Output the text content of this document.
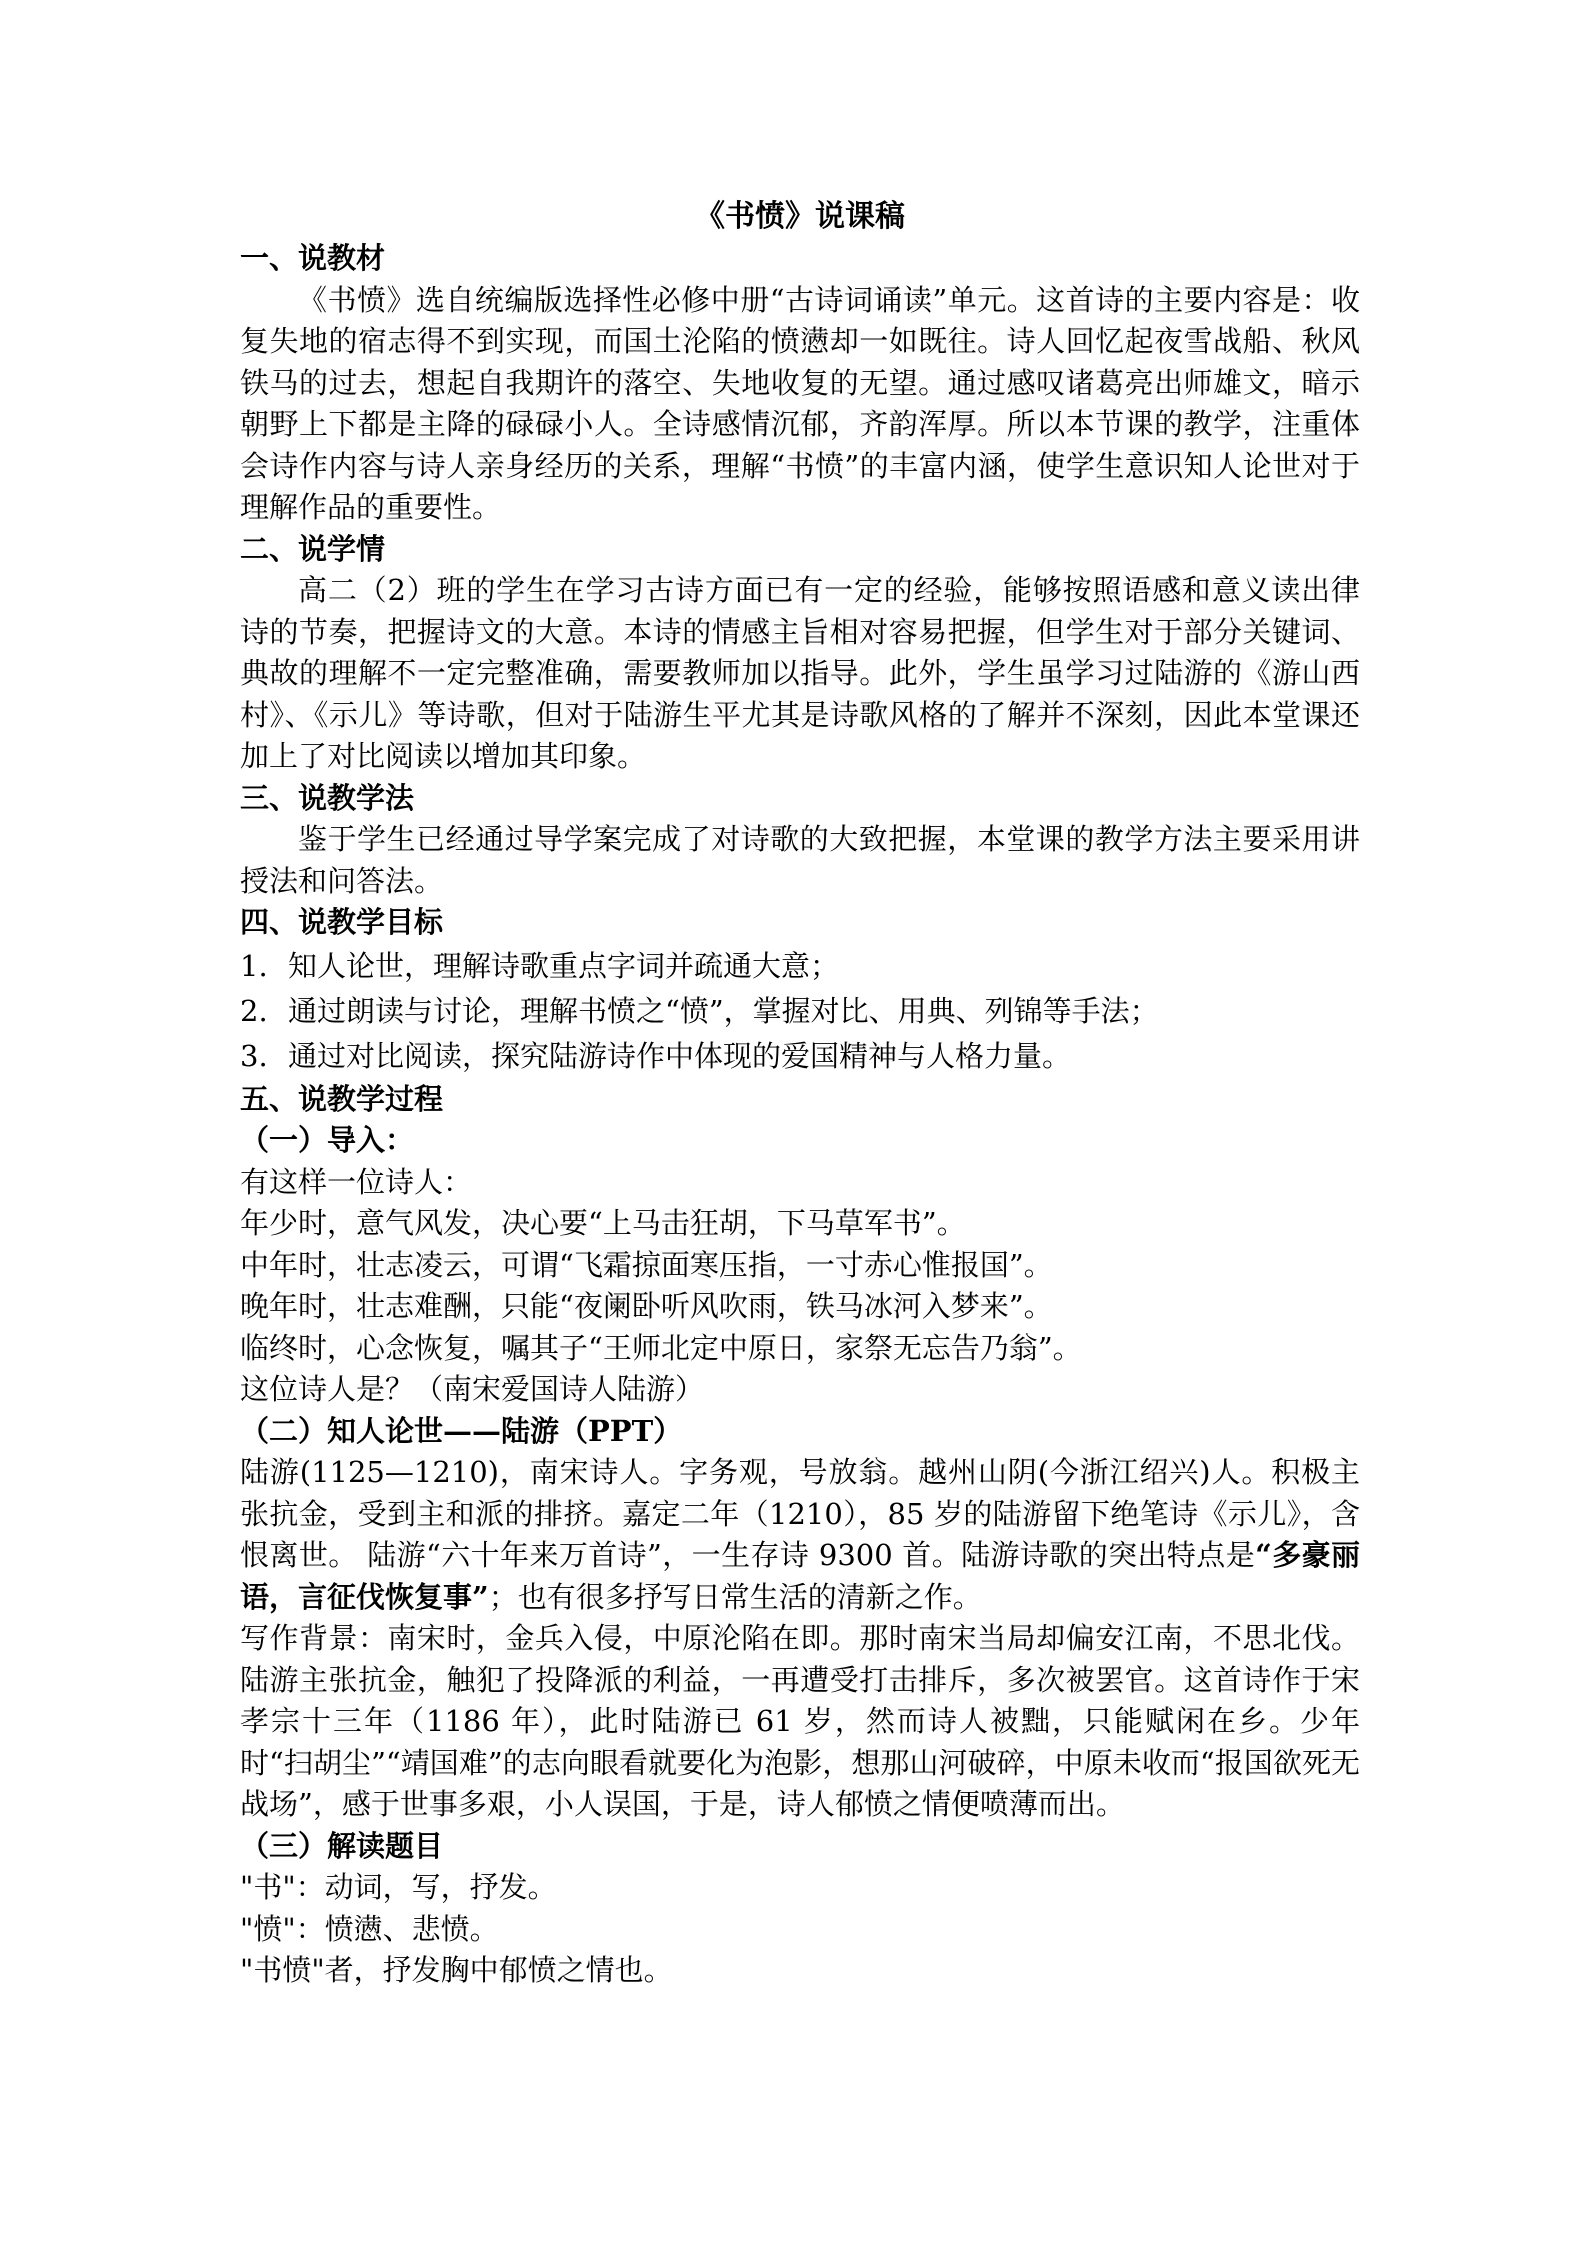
《书愤》说课稿

一、说教材

《书愤》选自统编版选择性必修中册“古诗词诵读”单元。这首诗的主要内容是：收复失地的宿志得不到实现，而国土沦陷的愤懑却一如既往。诗人回忆起夜雪战船、秋风铁马的过去，想起自我期许的落空、失地收复的无望。通过感叹诸葛亮出师雄文，暗示朝野上下都是主降的碌碌小人。全诗感情沉郁，齐韵浑厚。所以本节课的教学，注重体会诗作内容与诗人亲身经历的关系，理解“书愤”的丰富内涵，使学生意识知人论世对于理解作品的重要性。

二、说学情

高二（2）班的学生在学习古诗方面已有一定的经验，能够按照语感和意义读出律诗的节奏，把握诗文的大意。本诗的情感主旨相对容易把握，但学生对于部分关键词、典故的理解不一定完整准确，需要教师加以指导。此外，学生虽学习过陆游的《游山西村》、《示儿》等诗歌，但对于陆游生平尤其是诗歌风格的了解并不深刻，因此本堂课还加上了对比阅读以增加其印象。

三、说教学法

鉴于学生已经通过导学案完成了对诗歌的大致把握，本堂课的教学方法主要采用讲授法和问答法。

四、说教学目标

1. 知人论世，理解诗歌重点字词并疏通大意；

2. 通过朗读与讨论，理解书愤之“愤”，掌握对比、用典、列锦等手法；

3. 通过对比阅读，探究陆游诗作中体现的爱国精神与人格力量。

五、说教学过程

（一）导入：

有这样一位诗人：

年少时，意气风发，决心要“上马击狂胡，下马草军书”。

中年时，壮志凌云，可谓“飞霜掠面寒压指，一寸赤心惟报国”。

晚年时，壮志难酬，只能“夜阑卧听风吹雨，铁马冰河入梦来”。

临终时，心念恢复，嘱其子“王师北定中原日，家祭无忘告乃翁”。

这位诗人是？（南宋爱国诗人陆游）

（二）知人论世——陆游（PPT）

陆游(1125—1210)，南宋诗人。字务观，号放翁。越州山阴(今浙江绍兴)人。积极主张抗金，受到主和派的排挤。嘉定二年（1210），85 岁的陆游留下绝笔诗《示儿》，含恨离世。 陆游“六十年来万首诗”，一生存诗 9300 首。陆游诗歌的突出特点是“多豪丽语，言征伐恢复事”；也有很多抒写日常生活的清新之作。

写作背景：南宋时，金兵入侵，中原沦陷在即。那时南宋当局却偏安江南，不思北伐。陆游主张抗金，触犯了投降派的利益，一再遭受打击排斥，多次被罢官。这首诗作于宋孝宗十三年（1186 年），此时陆游已 61 岁，然而诗人被黜，只能赋闲在乡。少年时“扫胡尘”“靖国难”的志向眼看就要化为泡影，想那山河破碎，中原未收而“报国欲死无战场”，感于世事多艰，小人误国，于是，诗人郁愤之情便喷薄而出。

（三）解读题目

"书"：动词，写，抒发。

"愤"：愤懑、悲愤。

"书愤"者，抒发胸中郁愤之情也。
